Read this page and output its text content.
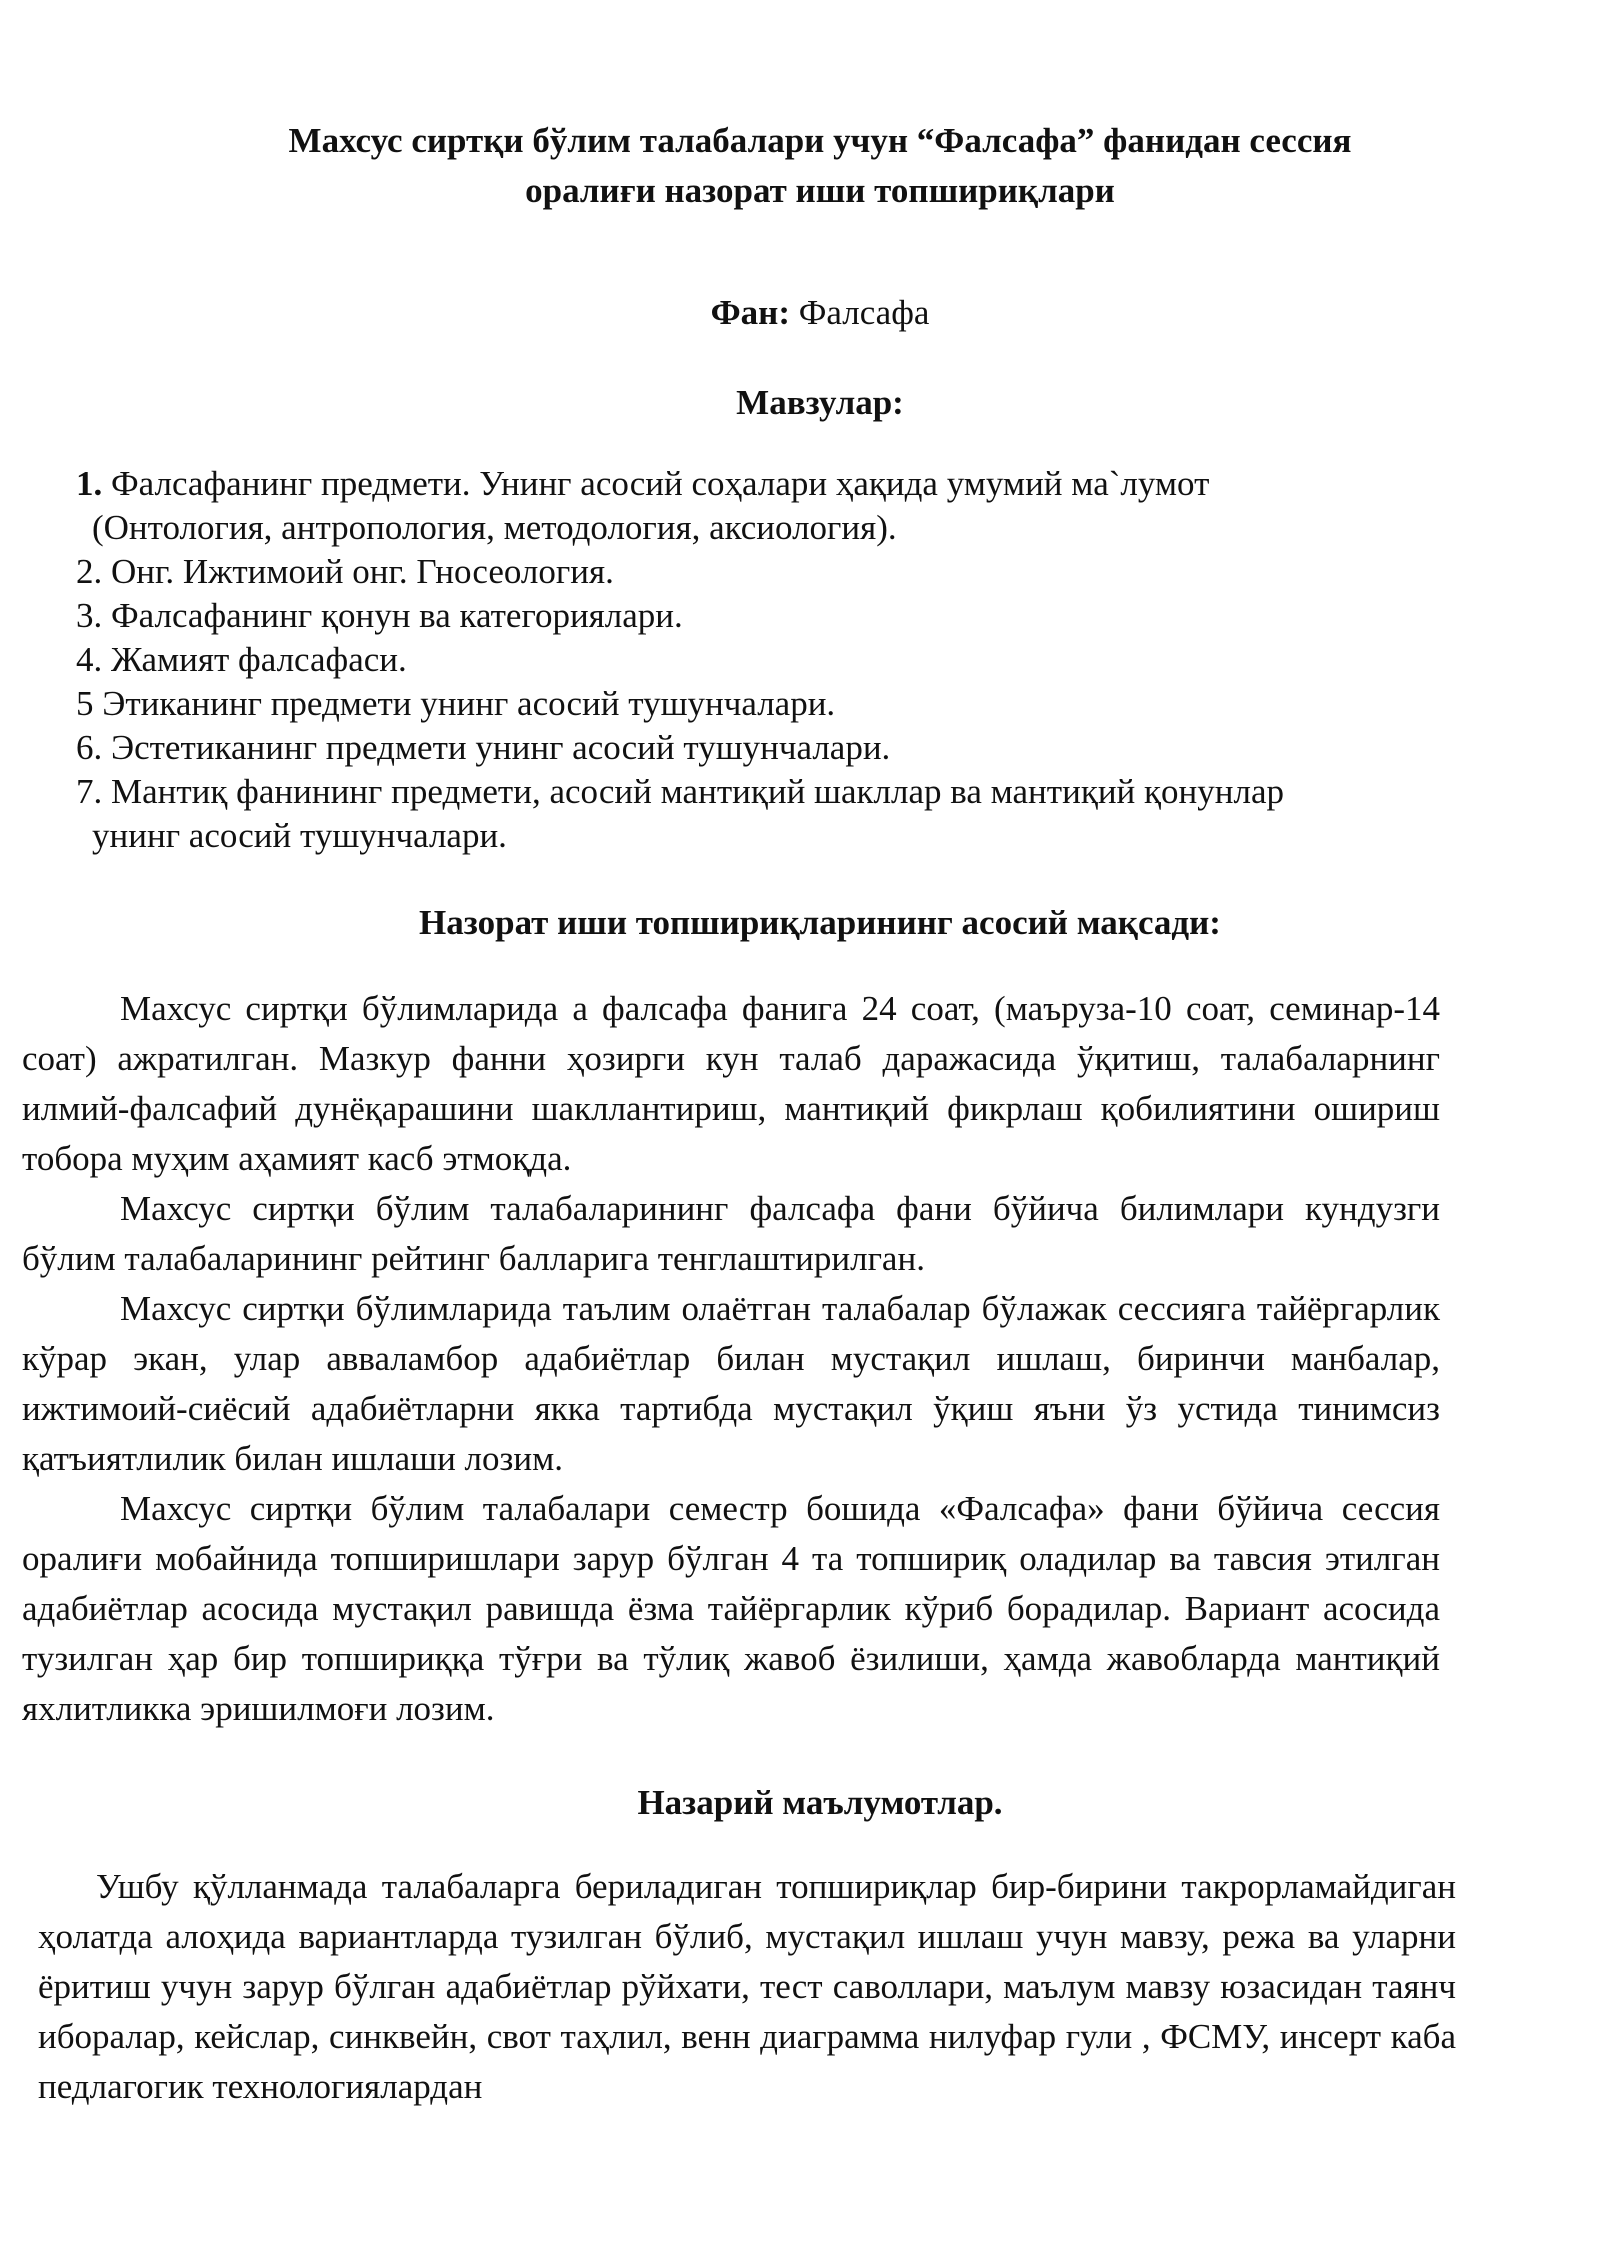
Махсус сиртқи бўлим талабалари учун “Фалсафа” фанидан сессия
оралиғи назорат иши топшириқлари
Фан: Фалсафа
Мавзулар:
1. Фалсафанинг предмети. Унинг асосий соҳалари ҳақида умумий ма`лумот
(Онтология, антропология, методология, аксиология).
2. Онг. Ижтимоий онг. Гносеология.
3. Фалсафанинг қонун ва категориялари.
4. Жамият фалсафаси.
5 Этиканинг предмети унинг асосий тушунчалари.
6. Эстетиканинг предмети унинг асосий тушунчалари.
7. Мантиқ фанининг предмети, асосий мантиқий шакллар ва мантиқий қонунлар
унинг асосий тушунчалари.
Назорат иши топшириқларининг асосий мақсади:

Махсус сиртқи бўлимларида а фалсафа фанига 24 соат, (маъруза-10 соат, семинар-14 соат) ажратилган. Мазкур фанни ҳозирги кун талаб даражасида ўқитиш, талабаларнинг илмий-фалсафий дунёқарашини шакллантириш, мантиқий фикрлаш қобилиятини ошириш тобора муҳим аҳамият касб этмоқда.

Махсус сиртқи бўлим талабаларининг фалсафа фани бўйича билимлари кундузги бўлим талабаларининг рейтинг балларига тенглаштирилган.

Махсус сиртқи бўлимларида таълим олаётган талабалар бўлажак сессияга тайёргарлик кўрар экан, улар авваламбор адабиётлар билан мустақил ишлаш, биринчи манбалар, ижтимоий-сиёсий адабиётларни якка тартибда мустақил ўқиш яъни ўз устида тинимсиз қатъиятлилик билан ишлаши лозим.

Махсус сиртқи бўлим талабалари семестр бошида «Фалсафа» фани бўйича сессия оралиғи мобайнида топширишлари зарур бўлган 4 та топшириқ оладилар ва тавсия этилган адабиётлар асосида мустақил равишда ёзма тайёргарлик кўриб борадилар. Вариант асосида тузилган ҳар бир топшириққа тўғри ва тўлиқ жавоб ёзилиши, ҳамда жавобларда мантиқий яхлитликка эришилмоғи лозим.

Назарий маълумотлар.

Ушбу қўлланмада талабаларга бериладиган топшириқлар бир-бирини такрорламайдиган ҳолатда алоҳида вариантларда тузилган бўлиб, мустақил ишлаш учун мавзу, режа ва уларни ёритиш учун зарур бўлган адабиётлар рўйхати, тест саволлари, маълум мавзу юзасидан таянч иборалар, кейслар, синквейн, свот таҳлил, венн диаграмма нилуфар гули , ФСМУ, инсерт каба педлагогик технологиялардан
